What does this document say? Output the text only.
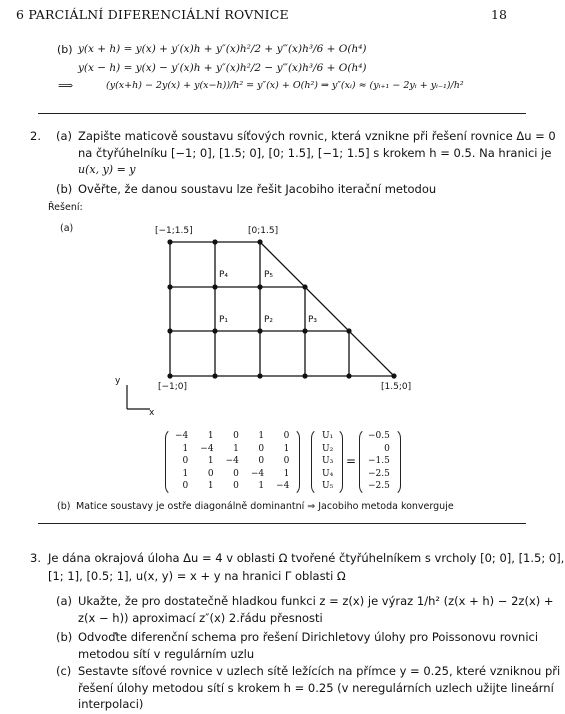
6 PARCIÁLNÍ DIFERENCIÁLNÍ ROVNICE	18
(b) y(x + h) = y(x) + y′(x)h + y″(x)h²/2 + y‴(x)h³/6 + O(h⁴)
y(x − h) = y(x) − y′(x)h + y″(x)h²/2 − y‴(x)h³/6 + O(h⁴)
⟹	(y(x+h) − 2y(x) + y(x−h))/h² = y″(x) + O(h²) ⇒ y″(xᵢ) ≈ (yᵢ₊₁ − 2yᵢ + yᵢ₋₁)/h²
2. (a) Zapište maticově soustavu síťových rovnic, která vznikne při řešení rovnice Δu = 0
na čtyřúhelníku [−1; 0], [1.5; 0], [0; 1.5], [−1; 1.5] s krokem h = 0.5. Na hranici je
u(x, y) = y
(b) Ověřte, že danou soustavu lze řešit Jacobiho iterační metodou
Řešení:
(a)	[−1;1.5]	[0;1.5]
[−1;0]	[1.5;0]
P₄	P₅
P₁	P₂	P₃
y
x
−4	1	0	1	0
1	−4	1	0	1
0	1	−4	0	0
1	0	0	−4	1
0	1	0	1	−4
U₁
U₂
U₃
U₄
U₅
=
−0.5
0
−1.5
−2.5
−2.5
(b) Matice soustavy je ostře diagonálně dominantní ⇒ Jacobiho metoda konverguje
3. Je dána okrajová úloha Δu = 4 v oblasti Ω tvořené čtyřúhelníkem s vrcholy [0; 0], [1.5; 0],
[1; 1], [0.5; 1], u(x, y) = x + y na hranici Γ oblasti Ω
(a) Ukažte, že pro dostatečně hladkou funkci z = z(x) je výraz 1/h² (z(x + h) − 2z(x) +
z(x − h)) aproximací z″(x) 2.řádu přesnosti
(b) Odvoďte diferenční schema pro řešení Dirichletovy úlohy pro Poissonovu rovnici
metodou sítí v regulárním uzlu
(c) Sestavte síťové rovnice v uzlech sítě ležících na přímce y = 0.25, které vzniknou při
řešení úlohy metodou sítí s krokem h = 0.25 (v neregulárních uzlech užijte lineární
interpolaci)
